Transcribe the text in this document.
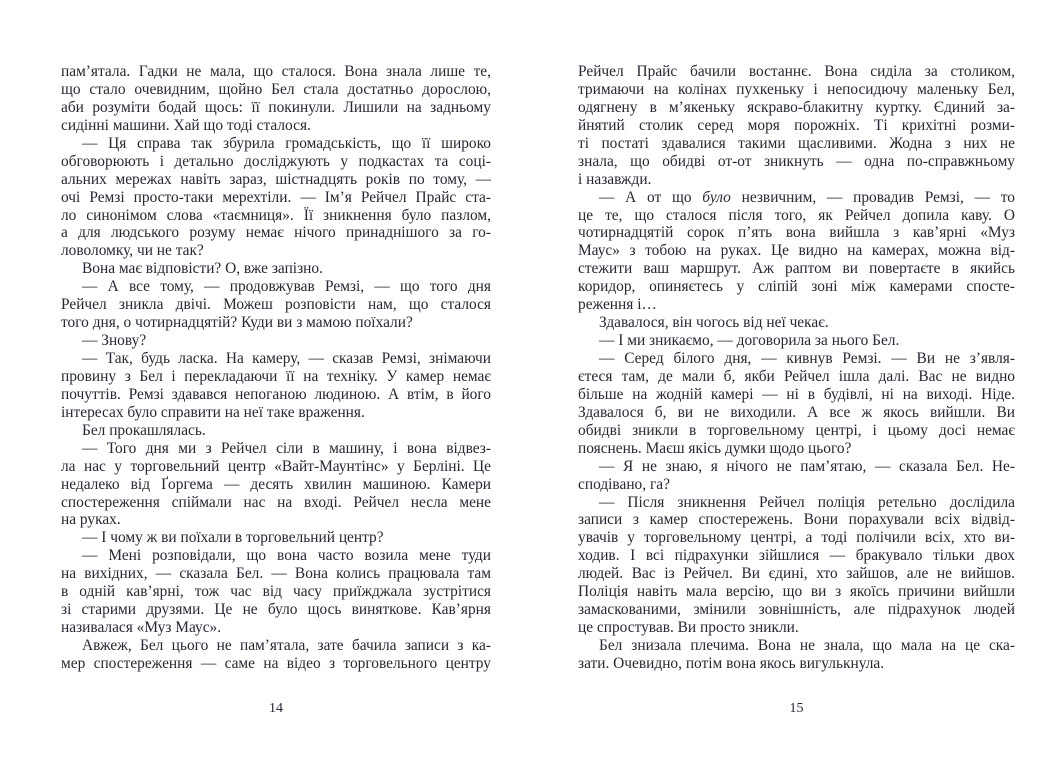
пам’ятала. Гадки не мала, що сталося. Вона знала лише те,
що стало очевидним, щойно Бел стала достатньо дорослою,
аби розуміти бодай щось: її покинули. Лишили на задньому
сидінні машини. Хай що тоді сталося.
— Ця справа так збурила громадськість, що її широко
обговорюють і детально досліджують у подкастах та соці-
альних мережах навіть зараз, шістнадцять років по тому, —
очі Ремзі просто-таки мерехтіли. — Ім’я Рейчел Прайс ста-
ло синонімом слова «таємниця». Її зникнення було пазлом,
а для людського розуму немає нічого принаднішого за го-
ловоломку, чи не так?
Вона має відповісти? О, вже запізно.
— А все тому, — продовжував Ремзі, — що того дня
Рейчел зникла двічі. Можеш розповісти нам, що сталося
того дня, о чотирнадцятій? Куди ви з мамою поїхали?
— Знову?
— Так, будь ласка. На камеру, — сказав Ремзі, знімаючи
провину з Бел і перекладаючи її на техніку. У камер немає
почуттів. Ремзі здавався непоганою людиною. А втім, в його
інтересах було справити на неї таке враження.
Бел прокашлялась.
— Того дня ми з Рейчел сіли в машину, і вона відвез-
ла нас у торговельний центр «Вайт-Маунтінс» у Берліні. Це
недалеко від Ґоргема — десять хвилин машиною. Камери
спостереження спіймали нас на вході. Рейчел несла мене
на руках.
— І чому ж ви поїхали в торговельний центр?
— Мені розповідали, що вона часто возила мене туди
на вихідних, — сказала Бел. — Вона колись працювала там
в одній кав’ярні, тож час від часу приїжджала зустрітися
зі старими друзями. Це не було щось виняткове. Кав’ярня
називалася «Муз Маус».
Авжеж, Бел цього не пам’ятала, зате бачила записи з ка-
мер спостереження — саме на відео з торговельного центру
14
Рейчел Прайс бачили востаннє. Вона сиділа за столиком,
тримаючи на колінах пухкеньку і непосидючу маленьку Бел,
одягнену в м’якеньку яскраво-блакитну куртку. Єдиний за-
йнятий столик серед моря порожніх. Ті крихітні розми-
ті постаті здавалися такими щасливими. Жодна з них не
знала, що обидві от-от зникнуть — одна по-справжньому
і назавжди.
— А от що було незвичним, — провадив Ремзі, — то
це те, що сталося після того, як Рейчел допила каву. О
чотирнадцятій сорок п’ять вона вийшла з кав’ярні «Муз
Маус» з тобою на руках. Це видно на камерах, можна від-
стежити ваш маршрут. Аж раптом ви повертаєте в якийсь
коридор, опиняєтесь у сліпій зоні між камерами спосте-
реження і…
Здавалося, він чогось від неї чекає.
— І ми зникаємо, — договорила за нього Бел.
— Серед білого дня, — кивнув Ремзі. — Ви не з’явля-
єтеся там, де мали б, якби Рейчел ішла далі. Вас не видно
більше на жодній камері — ні в будівлі, ні на виході. Ніде.
Здавалося б, ви не виходили. А все ж якось вийшли. Ви
обидві зникли в торговельному центрі, і цьому досі немає
пояснень. Маєш якісь думки щодо цього?
— Я не знаю, я нічого не пам’ятаю, — сказала Бел. Не-
сподівано, га?
— Після зникнення Рейчел поліція ретельно дослідила
записи з камер спостережень. Вони порахували всіх відвід-
увачів у торговельному центрі, а тоді полічили всіх, хто ви-
ходив. І всі підрахунки зійшлися — бракувало тільки двох
людей. Вас із Рейчел. Ви єдині, хто зайшов, але не вийшов.
Поліція навіть мала версію, що ви з якоїсь причини вийшли
замаскованими, змінили зовнішність, але підрахунок людей
це спростував. Ви просто зникли.
Бел знизала плечима. Вона не знала, що мала на це ска-
зати. Очевидно, потім вона якось вигулькнула.
15
